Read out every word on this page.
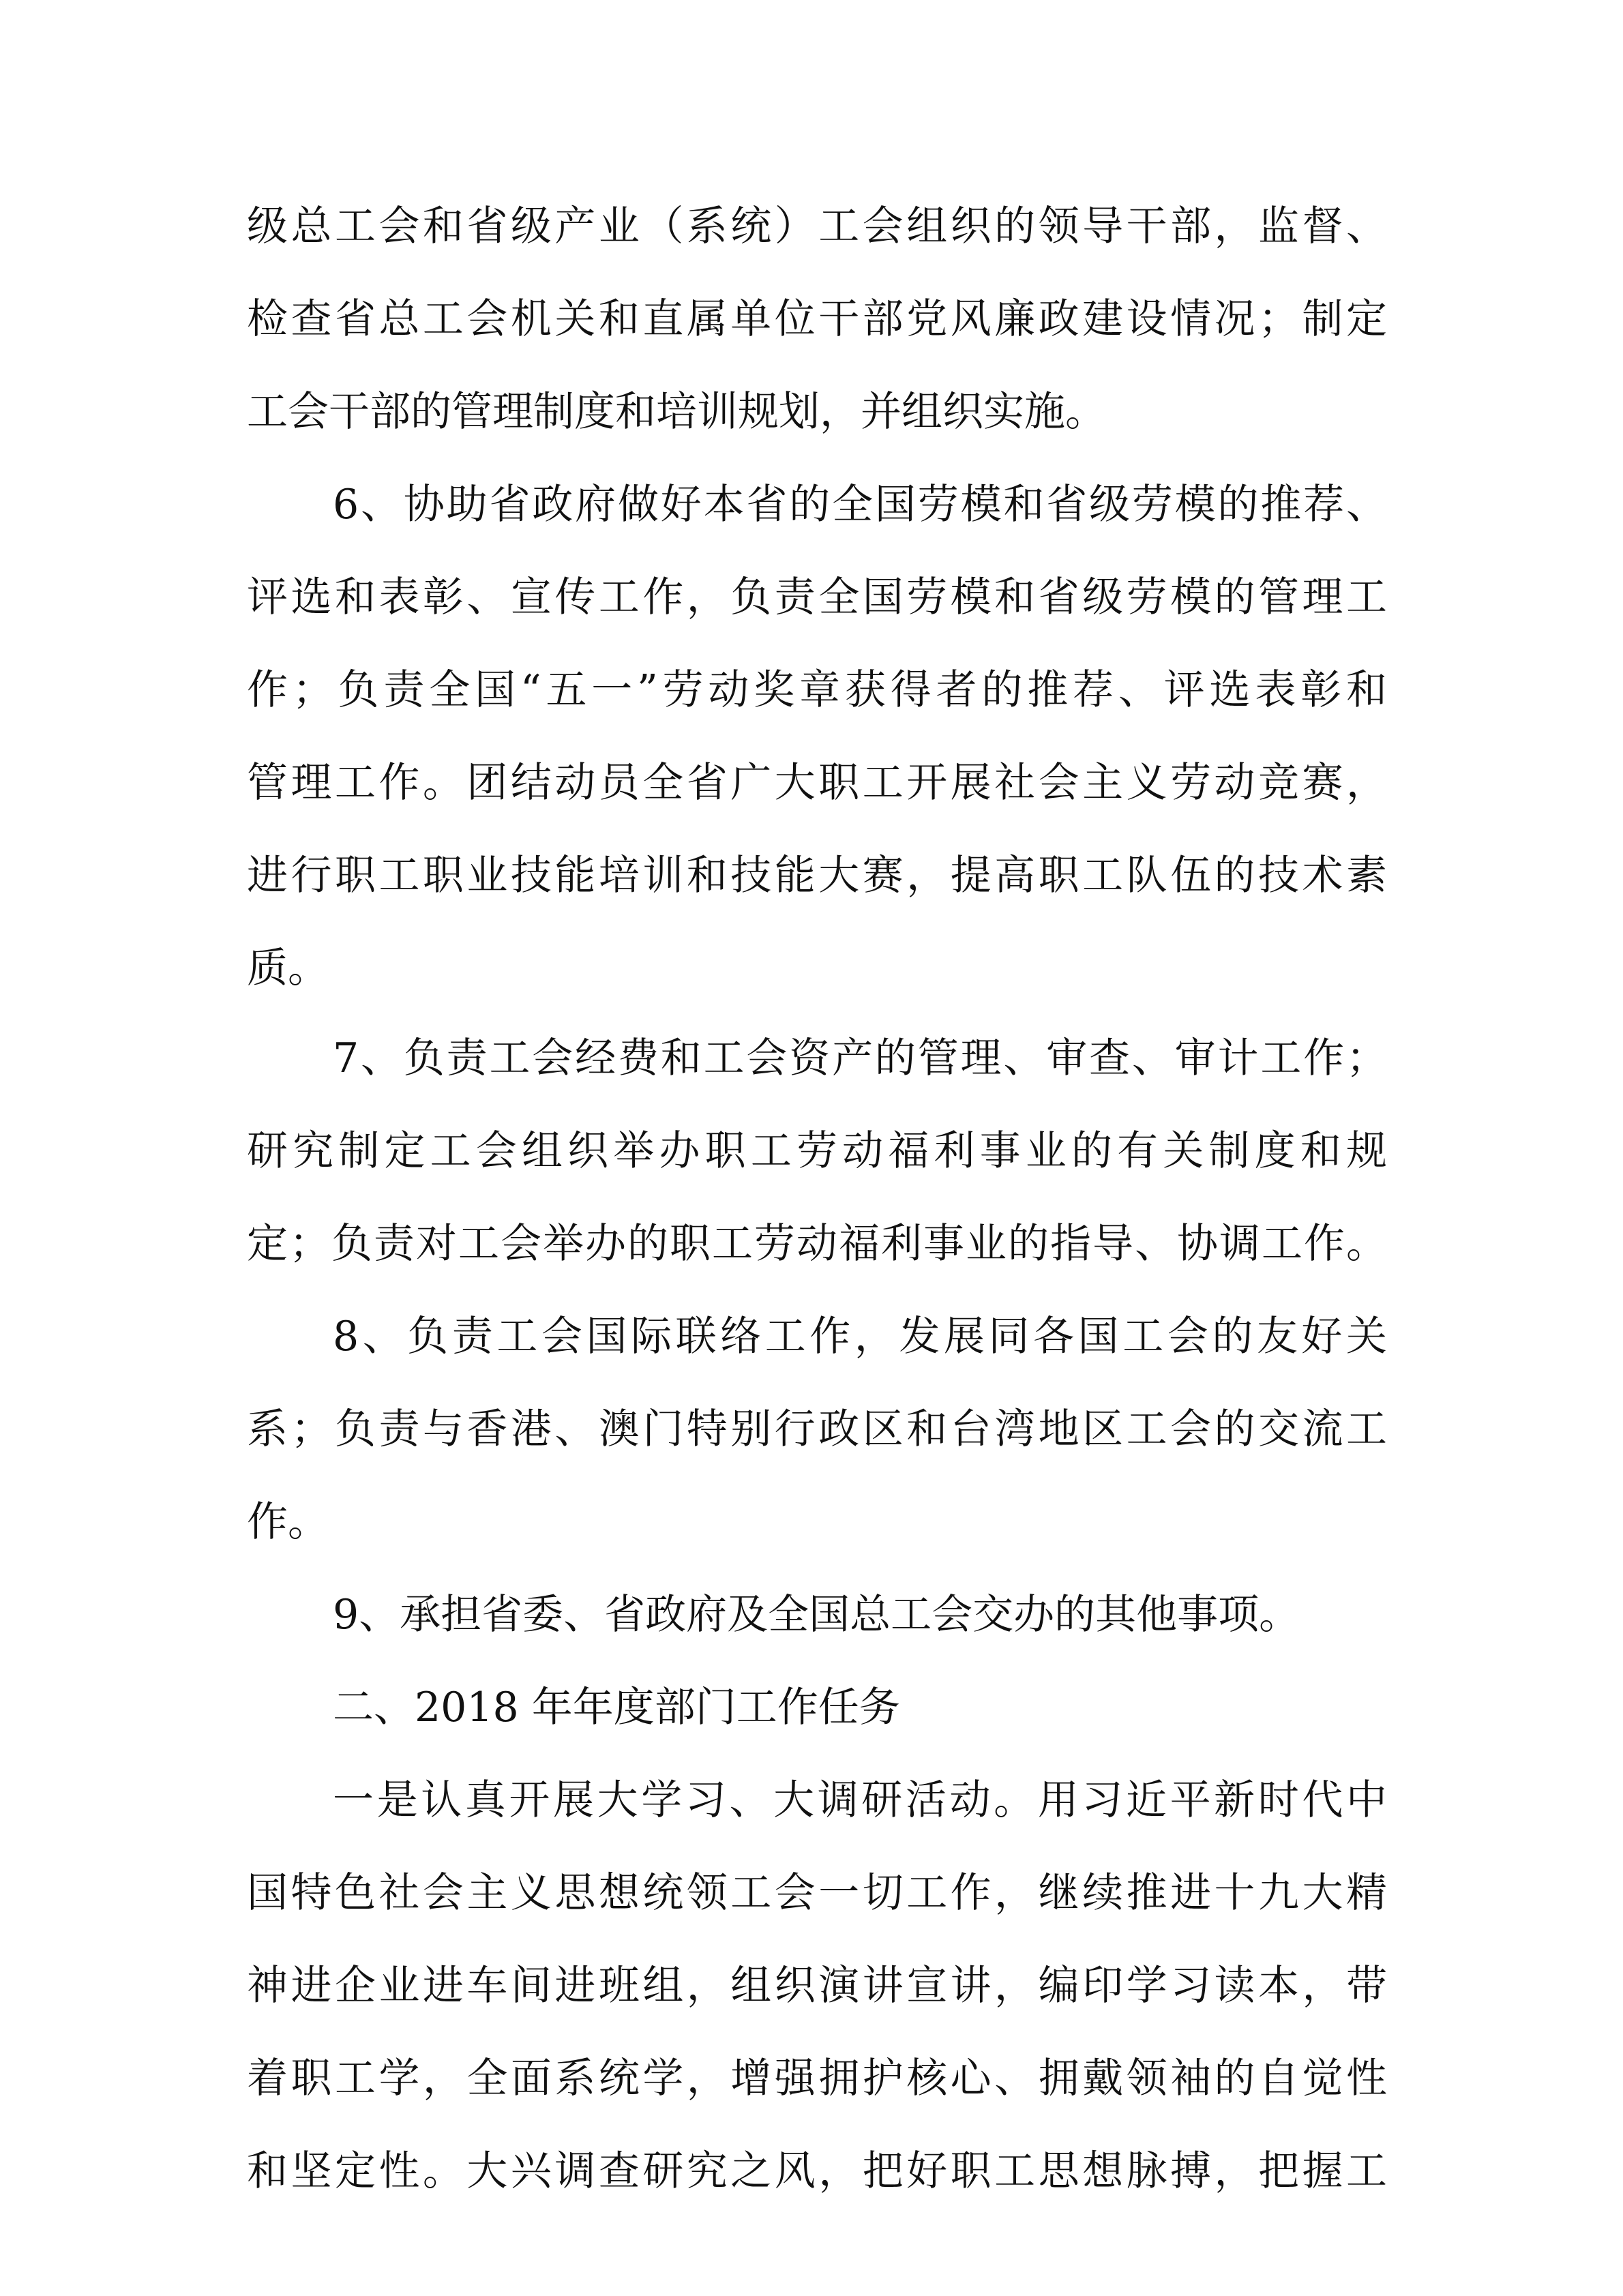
级总工会和省级产业（系统）工会组织的领导干部，监督、
检查省总工会机关和直属单位干部党风廉政建设情况；制定
工会干部的管理制度和培训规划，并组织实施。
6、协助省政府做好本省的全国劳模和省级劳模的推荐、
评选和表彰、宣传工作，负责全国劳模和省级劳模的管理工
作；负责全国“五一”劳动奖章获得者的推荐、评选表彰和
管理工作。团结动员全省广大职工开展社会主义劳动竞赛，
进行职工职业技能培训和技能大赛，提高职工队伍的技术素
质。
7、负责工会经费和工会资产的管理、审查、审计工作；
研究制定工会组织举办职工劳动福利事业的有关制度和规
定；负责对工会举办的职工劳动福利事业的指导、协调工作。
8、负责工会国际联络工作，发展同各国工会的友好关
系；负责与香港、澳门特别行政区和台湾地区工会的交流工
作。
9、承担省委、省政府及全国总工会交办的其他事项。
二、2018 年年度部门工作任务
一是认真开展大学习、大调研活动。用习近平新时代中
国特色社会主义思想统领工会一切工作，继续推进十九大精
神进企业进车间进班组，组织演讲宣讲，编印学习读本，带
着职工学，全面系统学，增强拥护核心、拥戴领袖的自觉性
和坚定性。大兴调查研究之风，把好职工思想脉搏，把握工
